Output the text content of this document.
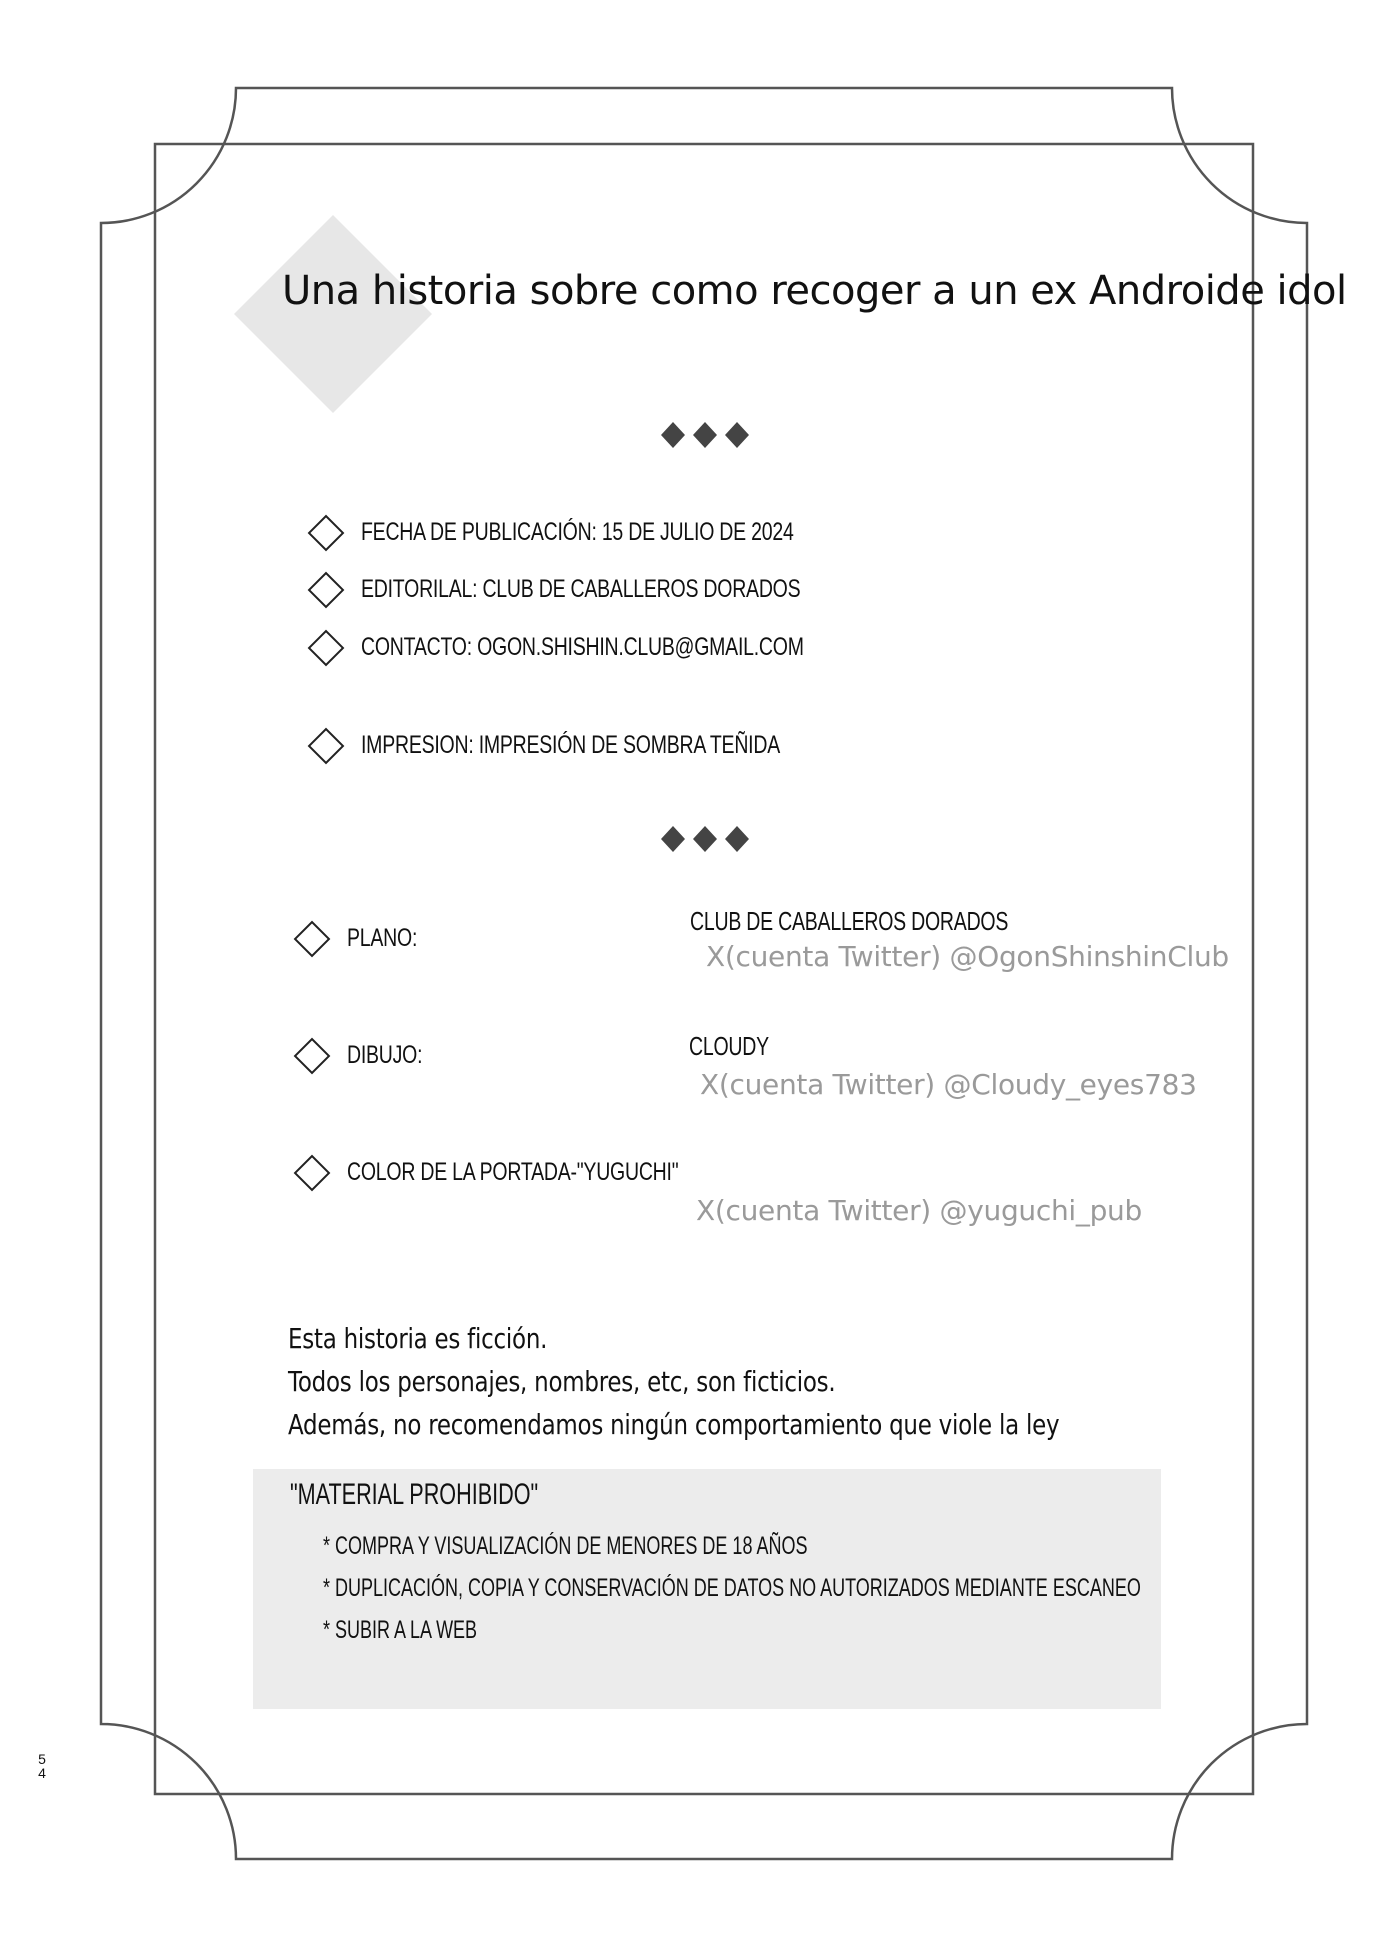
Una historia sobre como recoger a un ex Androide idol
FECHA DE PUBLICACIÓN: 15 DE JULIO DE 2024
EDITORILAL: CLUB DE CABALLEROS DORADOS
CONTACTO: OGON.SHISHIN.CLUB@GMAIL.COM
IMPRESION: IMPRESIÓN DE SOMBRA TEÑIDA
PLANO:
CLUB DE CABALLEROS DORADOS
X(cuenta Twitter) @OgonShinshinClub
DIBUJO:	CLOUDY
X(cuenta Twitter) @Cloudy_eyes783
COLOR DE LA PORTADA-"YUGUCHI"
X(cuenta Twitter) @yuguchi_pub
Esta historia es ficción.
Todos los personajes, nombres, etc, son ficticios.
Además, no recomendamos ningún comportamiento que viole la ley
"MATERIAL PROHIBIDO"
* COMPRA Y VISUALIZACIÓN DE MENORES DE 18 AÑOS
* DUPLICACIÓN, COPIA Y CONSERVACIÓN DE DATOS NO AUTORIZADOS MEDIANTE ESCANEO
* SUBIR A LA WEB
5
4
